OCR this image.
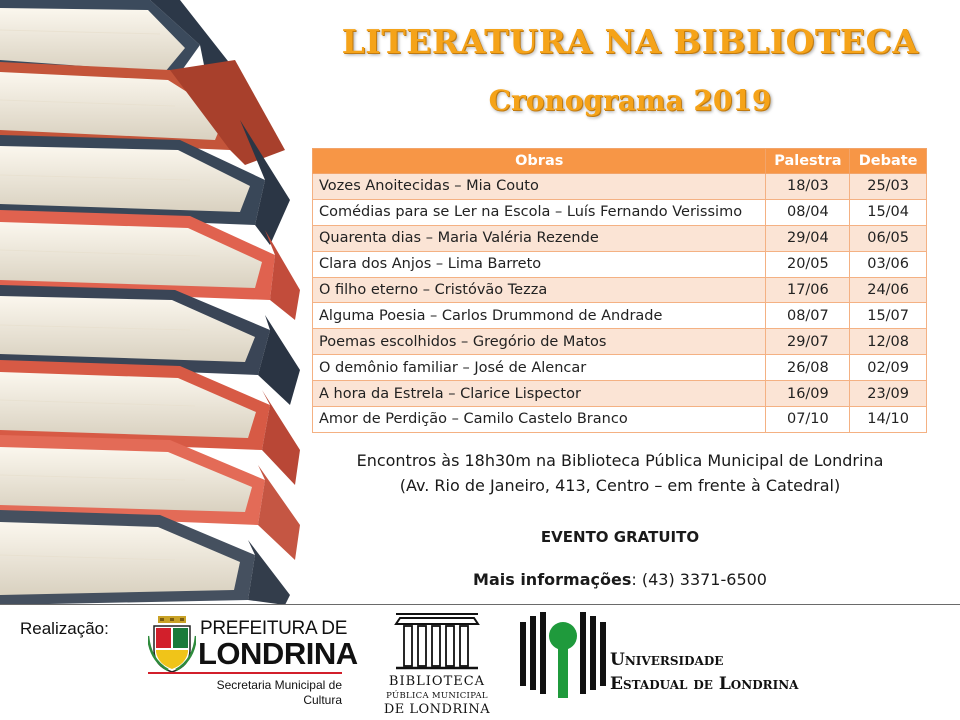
LITERATURA NA BIBLIOTECA
Cronograma 2019
Obras	Palestra	Debate
Vozes Anoitecidas – Mia Couto	18/03	25/03
Comédias para se Ler na Escola – Luís Fernando Verissimo	08/04	15/04
Quarenta dias – Maria Valéria Rezende	29/04	06/05
Clara dos Anjos – Lima Barreto	20/05	03/06
O filho eterno – Cristóvão Tezza	17/06	24/06
Alguma Poesia – Carlos Drummond de Andrade	08/07	15/07
Poemas escolhidos – Gregório de Matos	29/07	12/08
O demônio familiar – José de Alencar	26/08	02/09
A hora da Estrela – Clarice Lispector	16/09	23/09
Amor de Perdição – Camilo Castelo Branco	07/10	14/10

Encontros às 18h30m na Biblioteca Pública Municipal de Londrina

(Av. Rio de Janeiro, 413, Centro – em frente à Catedral)

EVENTO GRATUITO

Mais informações: (43) 3371-6500

Realização:	PREFEITURA DE
LONDRINA
Secretaria Municipal de
Cultura
BIBLIOTECA
PÚBLICA MUNICIPAL
DE LONDRINA
Universidade
Estadual de Londrina
